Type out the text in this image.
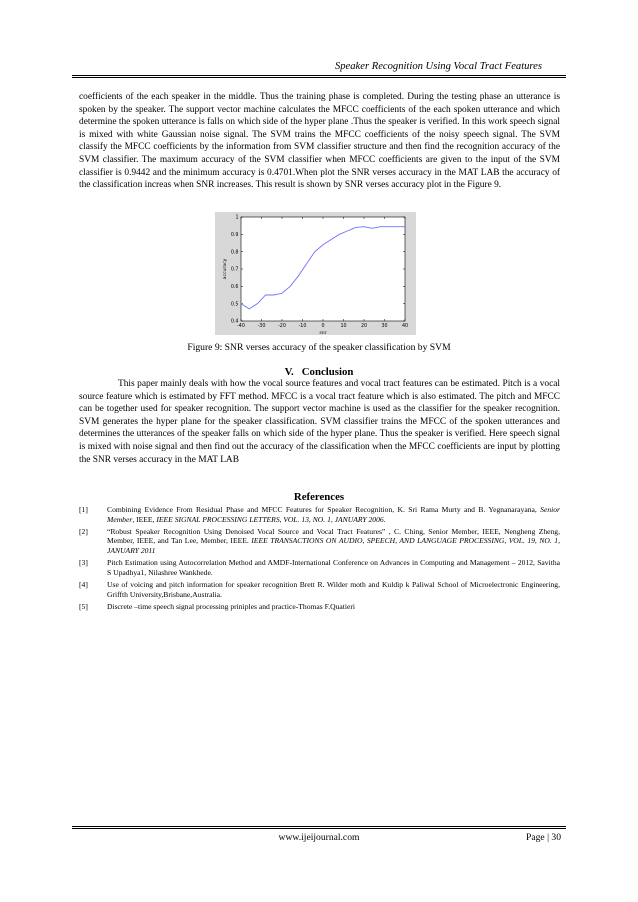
Speaker Recognition Using Vocal Tract Features

coefficients of the each speaker in the middle. Thus the training phase is completed. During the testing phase an utterance is spoken by the speaker. The support vector machine calculates the MFCC coefficients of the each spoken utterance and which determine the spoken utterance is falls on which side of the hyper plane .Thus the speaker is verified. In this work speech signal is mixed with white Gaussian noise signal. The SVM trains the MFCC coefficients of the noisy speech signal. The SVM classify the MFCC coefficients by the information from SVM classifier structure and then find the recognition accuracy of the SVM classifier. The maximum accuracy of the SVM classifier when MFCC coefficients are given to the input of the SVM classifier is 0.9442 and the minimum accuracy is 0.4701.When plot the SNR verses accuracy in the MAT LAB the accuracy of the classification increas when SNR increases. This result is shown by SNR verses accuracy plot in the Figure 9.

-40	-30	-20	-10	0	10	20	30	40
0.4
0.5
0.6
0.7
0.8
0.9
1
snr
accuracy

Figure 9: SNR verses accuracy of the speaker classification by SVM

V. Conclusion

This paper mainly deals with how the vocal source features and vocal tract features can be estimated. Pitch is a vocal source feature which is estimated by FFT method. MFCC is a vocal tract feature which is also estimated. The pitch and MFCC can be together used for speaker recognition. The support vector machine is used as the classifier for the speaker recognition. SVM generates the hyper plane for the speaker classification. SVM classifier trains the MFCC of the spoken utterances and determines the utterances of the speaker falls on which side of the hyper plane. Thus the speaker is verified. Here speech signal is mixed with noise signal and then find out the accuracy of the classification when the MFCC coefficients are input by plotting the SNR verses accuracy in the MAT LAB

References
[1]	Combining Evidence From Residual Phase and MFCC Features for Speaker Recognition, K. Sri Rama Murty and B. Yegnanarayana, Senior Member, IEEE, IEEE SIGNAL PROCESSING LETTERS, VOL. 13, NO. 1, JANUARY 2006.
[2]	“Robust Speaker Recognition Using Denoised Vocal Source and Vocal Tract Features” , C. Ching, Senior Member, IEEE, Nengheng Zheng, Member, IEEE, and Tan Lee, Member, IEEE. IEEE TRANSACTIONS ON AUDIO, SPEECH, AND LANGUAGE PROCESSING, VOL. 19, NO. 1, JANUARY 2011
[3]	Pitch Estimation using Autocorrelation Method and AMDF-International Conference on Advances in Computing and Management – 2012, Savitha S Upadhya1, Nilashree Wankhede.
[4]	Use of voicing and pitch information for speaker recognition Brett R. Wilder moth and Kuldip k Paliwal School of Microelectronic Engineering, Griffth University,Brisbane,Australia.
[5]	Discrete –time speech signal processing priniples and practice-Thomas F.Quatieri
www.ijeijournal.com	Page | 30
